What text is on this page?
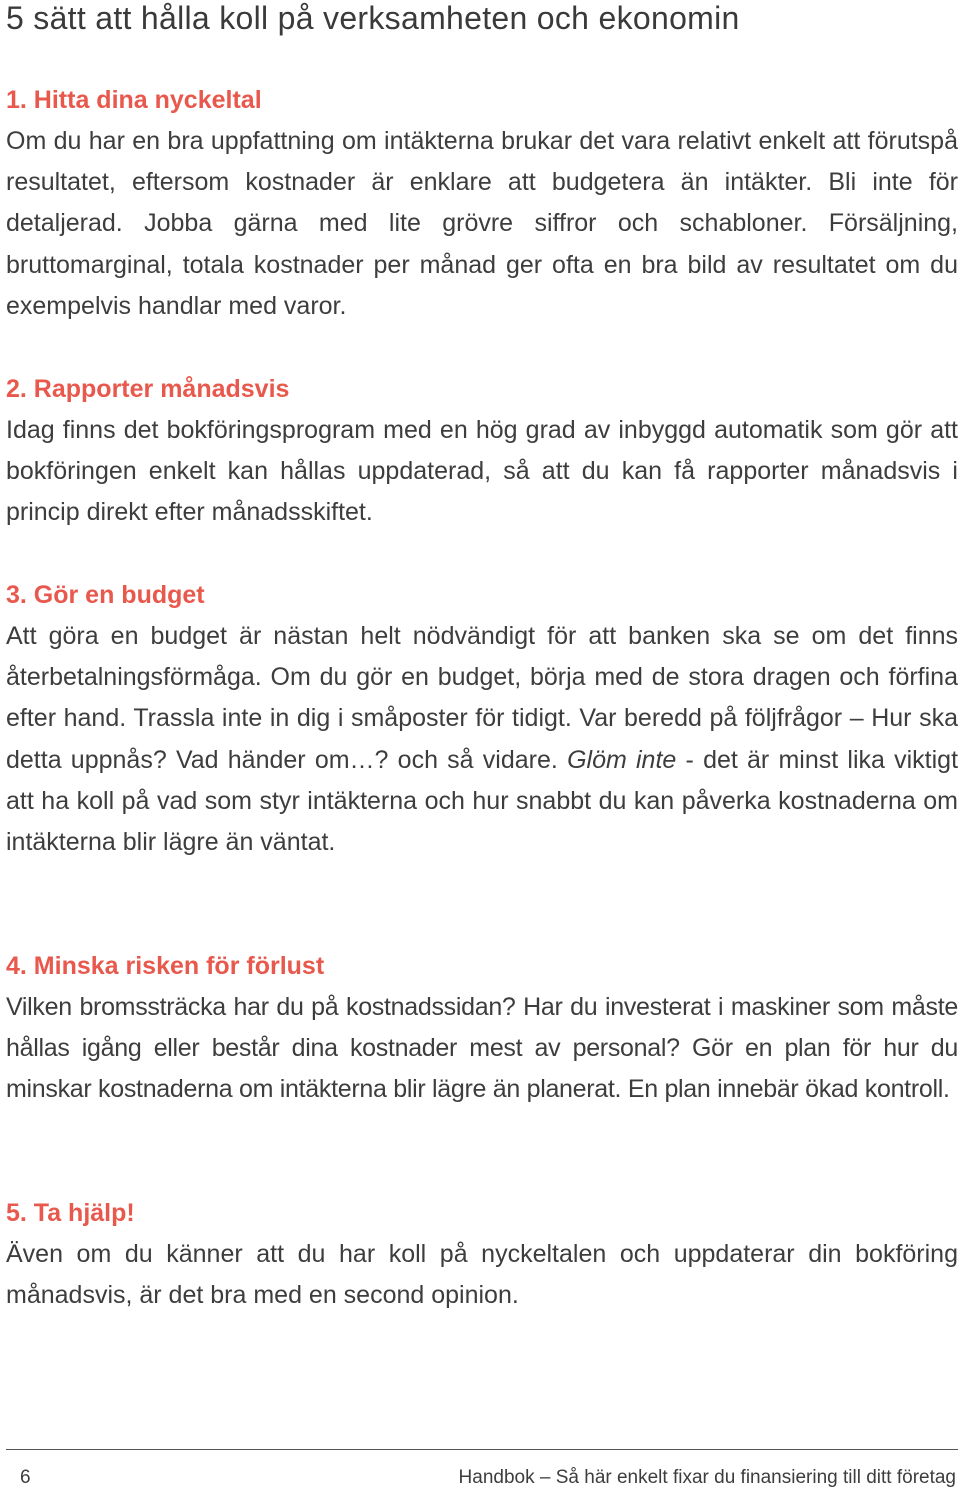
5 sätt att hålla koll på verksamheten och ekonomin
1. Hitta dina nyckeltal

Om du har en bra uppfattning om intäkterna brukar det vara relativt enkelt att förutspå resultatet, eftersom kostnader är enklare att budgetera än intäkter. Bli inte för detaljerad. Jobba gärna med lite grövre siffror och schabloner. Försäljning, bruttomarginal, totala kostnader per månad ger ofta en bra bild av resultatet om du exempelvis handlar med varor.

2. Rapporter månadsvis

Idag finns det bokföringsprogram med en hög grad av inbyggd automatik som gör att bokföringen enkelt kan hållas uppdaterad, så att du kan få rapporter månadsvis i princip direkt efter månadsskiftet.

3. Gör en budget

Att göra en budget är nästan helt nödvändigt för att banken ska se om det finns återbetalningsförmåga. Om du gör en budget, börja med de stora dragen och förfina efter hand. Trassla inte in dig i småposter för tidigt. Var beredd på följfrågor – Hur ska detta uppnås? Vad händer om…? och så vidare. Glöm inte - det är minst lika viktigt att ha koll på vad som styr intäkterna och hur snabbt du kan påverka kostnaderna om intäkterna blir lägre än väntat.

4. Minska risken för förlust

Vilken bromssträcka har du på kostnadssidan? Har du investerat i maskiner som måste hållas igång eller består dina kostnader mest av personal? Gör en plan för hur du minskar kostnaderna om intäkterna blir lägre än planerat. En plan innebär ökad kontroll.

5. Ta hjälp!

Även om du känner att du har koll på nyckeltalen och uppdaterar din bokföring månadsvis, är det bra med en second opinion.

6	Handbok – Så här enkelt fixar du finansiering till ditt företag
